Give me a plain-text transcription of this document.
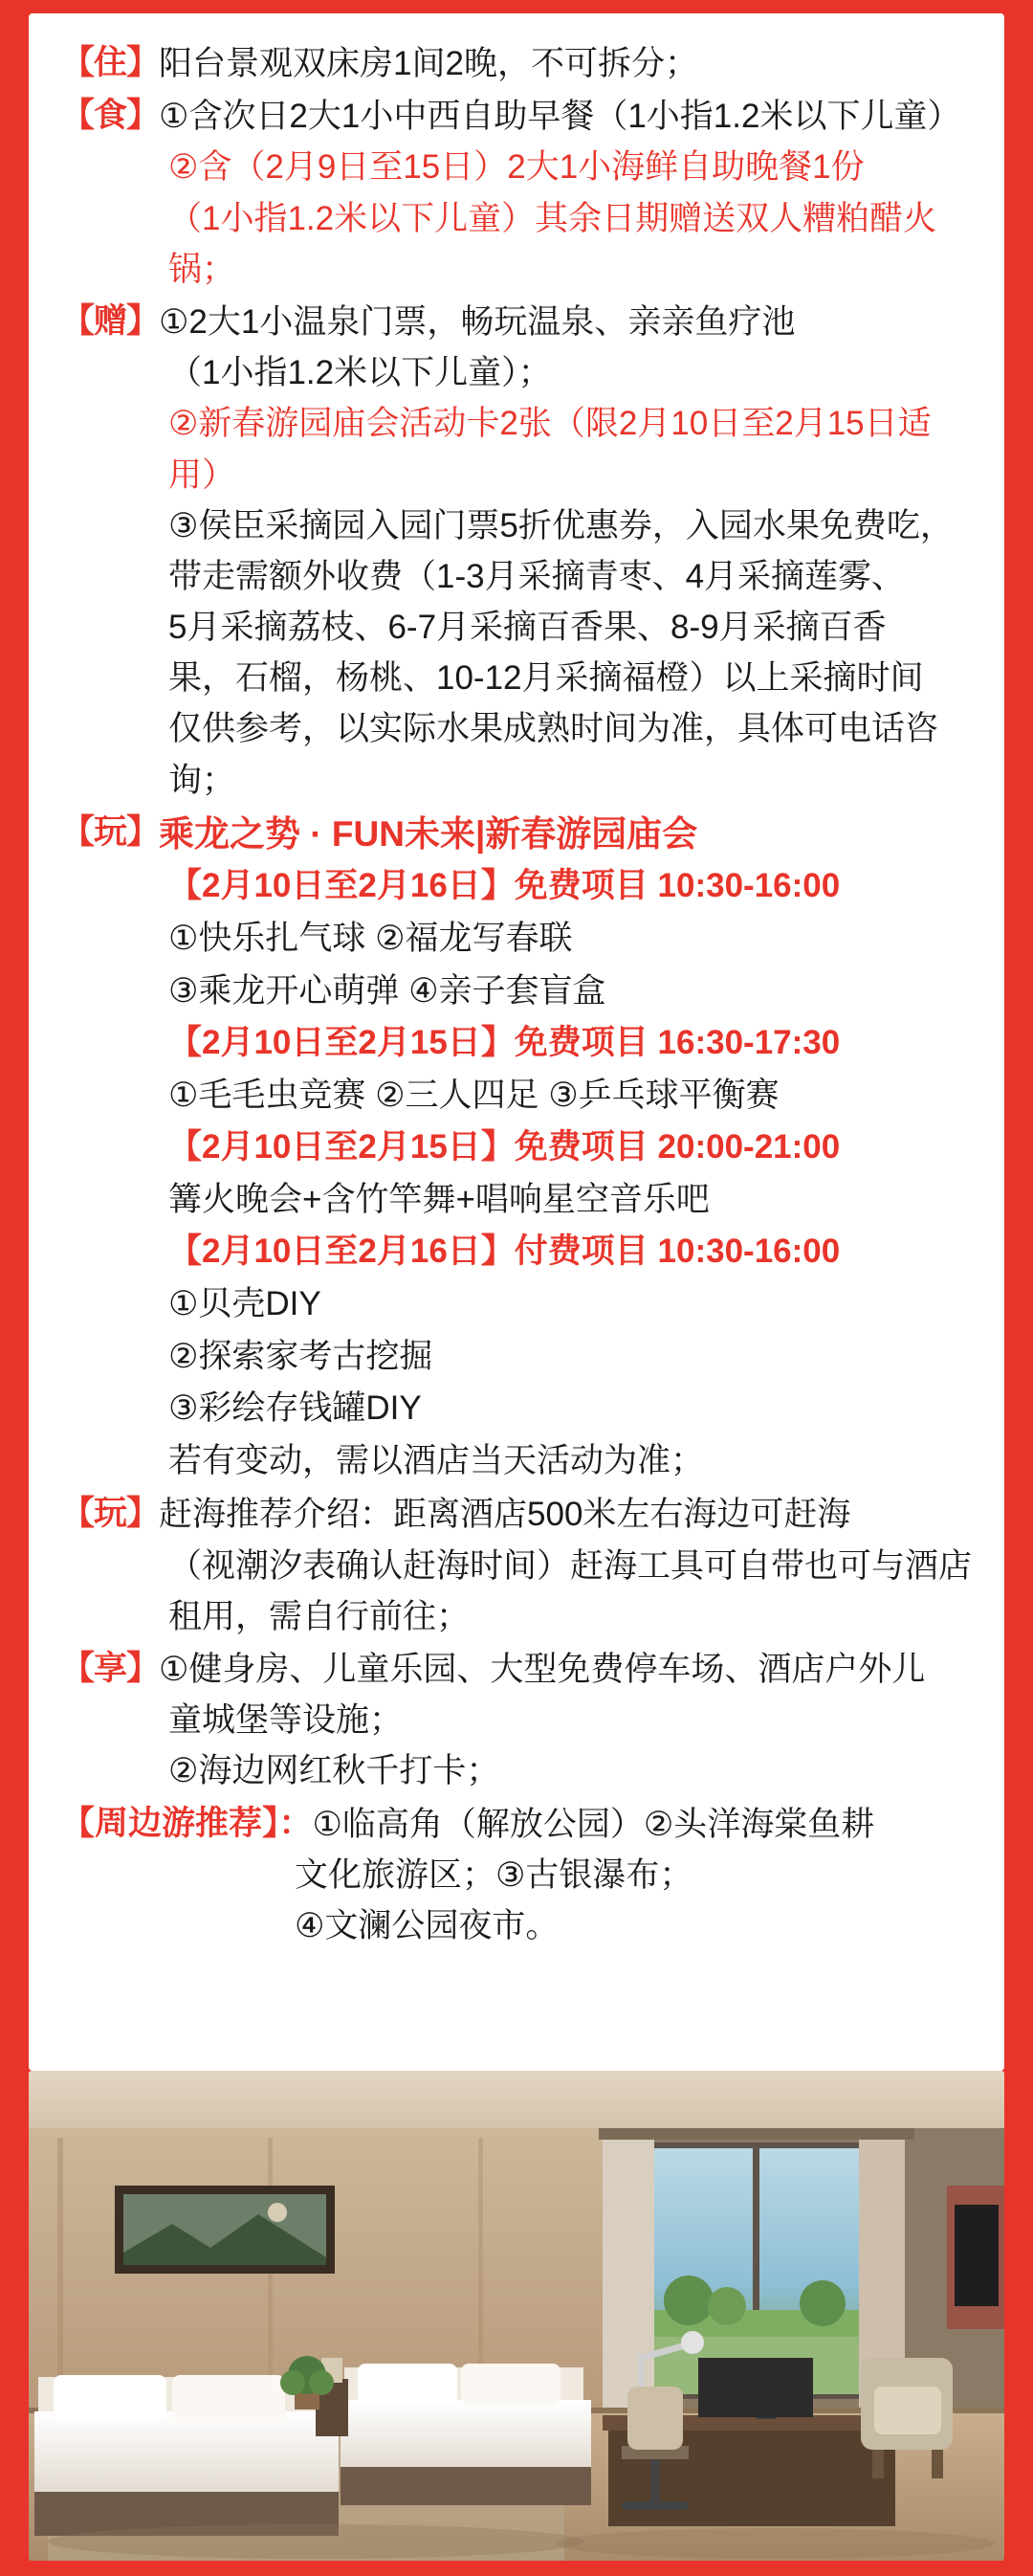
【住】 阳台景观双床房1间2晚，不可拆分；
【食】 ①含次日2大1小中西自助早餐（1小指1.2米以下儿童）
②含（2月9日至15日）2大1小海鲜自助晚餐1份
（1小指1.2米以下儿童）其余日期赠送双人糟粕醋火锅；
【赠】 ①2大1小温泉门票，畅玩温泉、亲亲鱼疗池
（1小指1.2米以下儿童）；
②新春游园庙会活动卡2张（限2月10日至2月15日适用）
③侯臣采摘园入园门票5折优惠券，入园水果免费吃，
带走需额外收费（1-3月采摘青枣、4月采摘莲雾、
5月采摘荔枝、6-7月采摘百香果、8-9月采摘百香
果，石榴，杨桃、10-12月采摘福橙）以上采摘时间
仅供参考，以实际水果成熟时间为准，具体可电话咨询；
【玩】 乘龙之势 · FUN未来|新春游园庙会
【2月10日至2月16日】免费项目 10:30-16:00
①快乐扎气球 ②福龙写春联
③乘龙开心萌弹 ④亲子套盲盒
【2月10日至2月15日】免费项目 16:30-17:30
①毛毛虫竞赛 ②三人四足 ③乒乓球平衡赛
【2月10日至2月15日】免费项目 20:00-21:00
篝火晚会+含竹竿舞+唱响星空音乐吧
【2月10日至2月16日】付费项目 10:30-16:00
①贝壳DIY
②探索家考古挖掘
③彩绘存钱罐DIY
若有变动，需以酒店当天活动为准；
【玩】 赶海推荐介绍：距离酒店500米左右海边可赶海
（视潮汐表确认赶海时间）赶海工具可自带也可与酒店
租用，需自行前往；
【享】 ①健身房、儿童乐园、大型免费停车场、酒店户外儿
童城堡等设施；
②海边网红秋千打卡；
【周边游推荐】： ①临高角（解放公园）②头洋海棠鱼耕
文化旅游区；③古银瀑布；
④文澜公园夜市。
